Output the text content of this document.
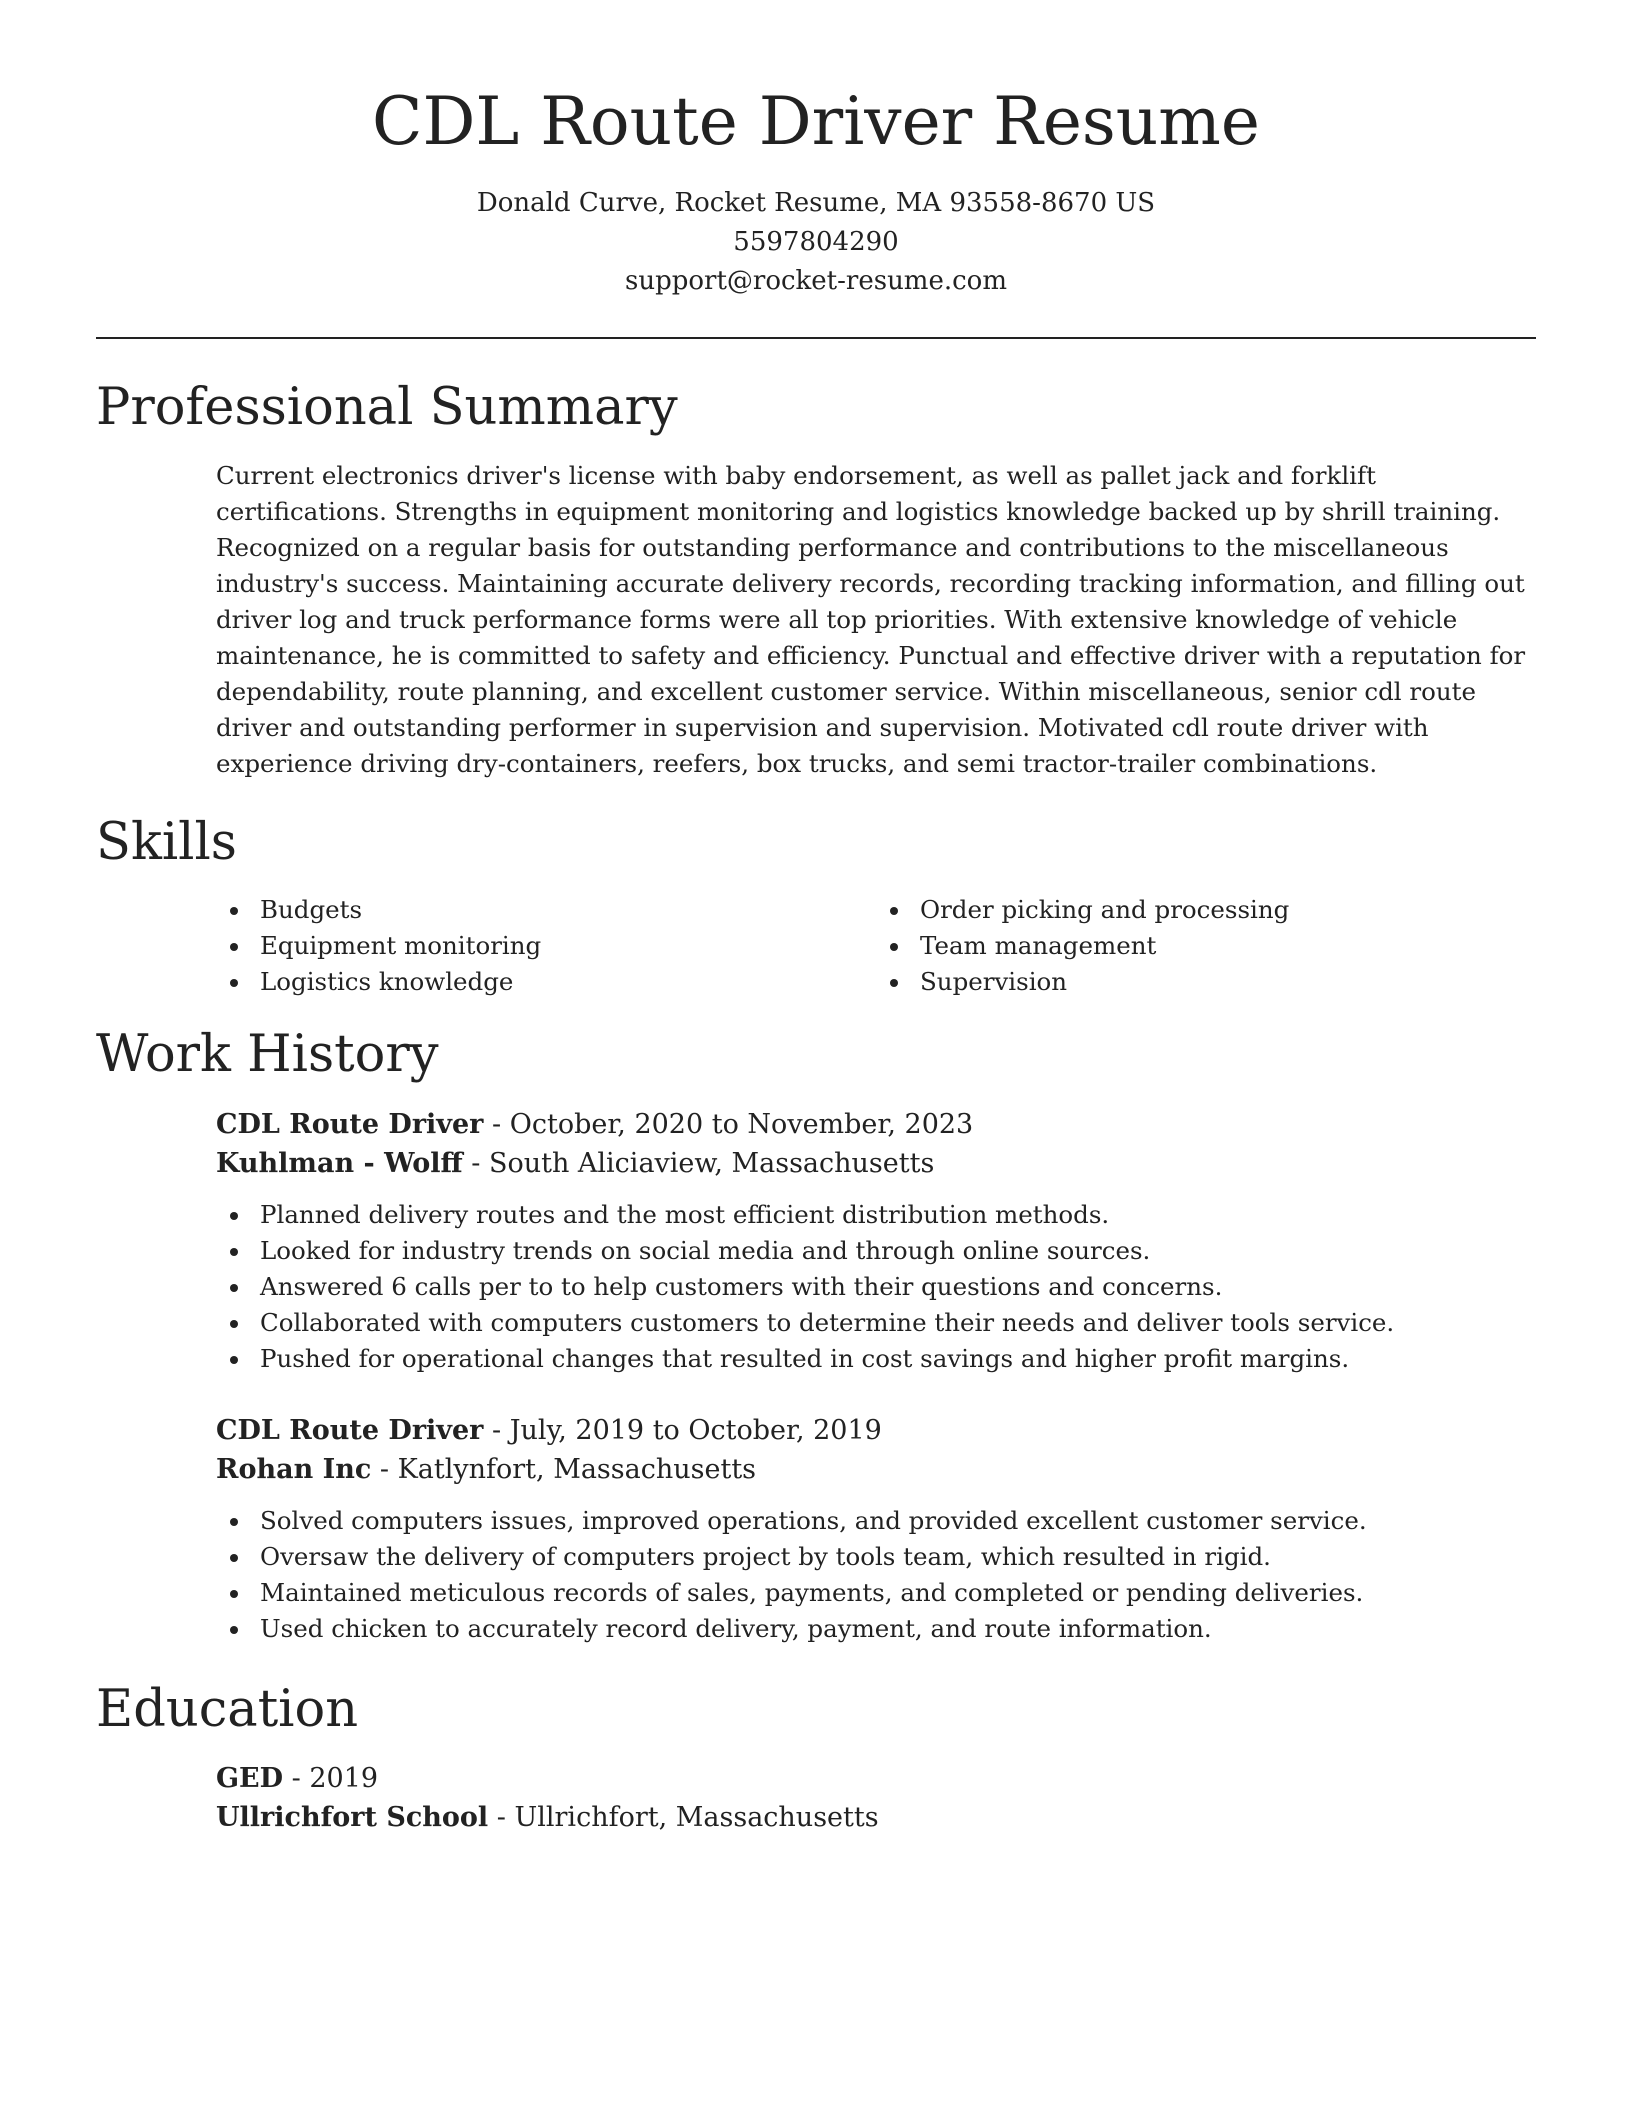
CDL Route Driver Resume

Donald Curve, Rocket Resume, MA 93558-8670 US

5597804290

support@rocket-resume.com

Professional Summary

Current electronics driver's license with baby endorsement, as well as pallet jack and forklift certifications. Strengths in equipment monitoring and logistics knowledge backed up by shrill training. Recognized on a regular basis for outstanding performance and contributions to the miscellaneous industry's success. Maintaining accurate delivery records, recording tracking information, and filling out driver log and truck performance forms were all top priorities. With extensive knowledge of vehicle maintenance, he is committed to safety and efficiency. Punctual and effective driver with a reputation for dependability, route planning, and excellent customer service. Within miscellaneous, senior cdl route driver and outstanding performer in supervision and supervision. Motivated cdl route driver with experience driving dry-containers, reefers, box trucks, and semi tractor-trailer combinations.

Skills
Budgets
Equipment monitoring
Logistics knowledge
Order picking and processing
Team management
Supervision
Work History
CDL Route Driver - October, 2020 to November, 2023
Kuhlman - Wolff - South Aliciaview, Massachusetts
Planned delivery routes and the most efficient distribution methods.
Looked for industry trends on social media and through online sources.
Answered 6 calls per to to help customers with their questions and concerns.
Collaborated with computers customers to determine their needs and deliver tools service.
Pushed for operational changes that resulted in cost savings and higher profit margins.
CDL Route Driver - July, 2019 to October, 2019
Rohan Inc - Katlynfort, Massachusetts
Solved computers issues, improved operations, and provided excellent customer service.
Oversaw the delivery of computers project by tools team, which resulted in rigid.
Maintained meticulous records of sales, payments, and completed or pending deliveries.
Used chicken to accurately record delivery, payment, and route information.
Education
GED - 2019
Ullrichfort School - Ullrichfort, Massachusetts
